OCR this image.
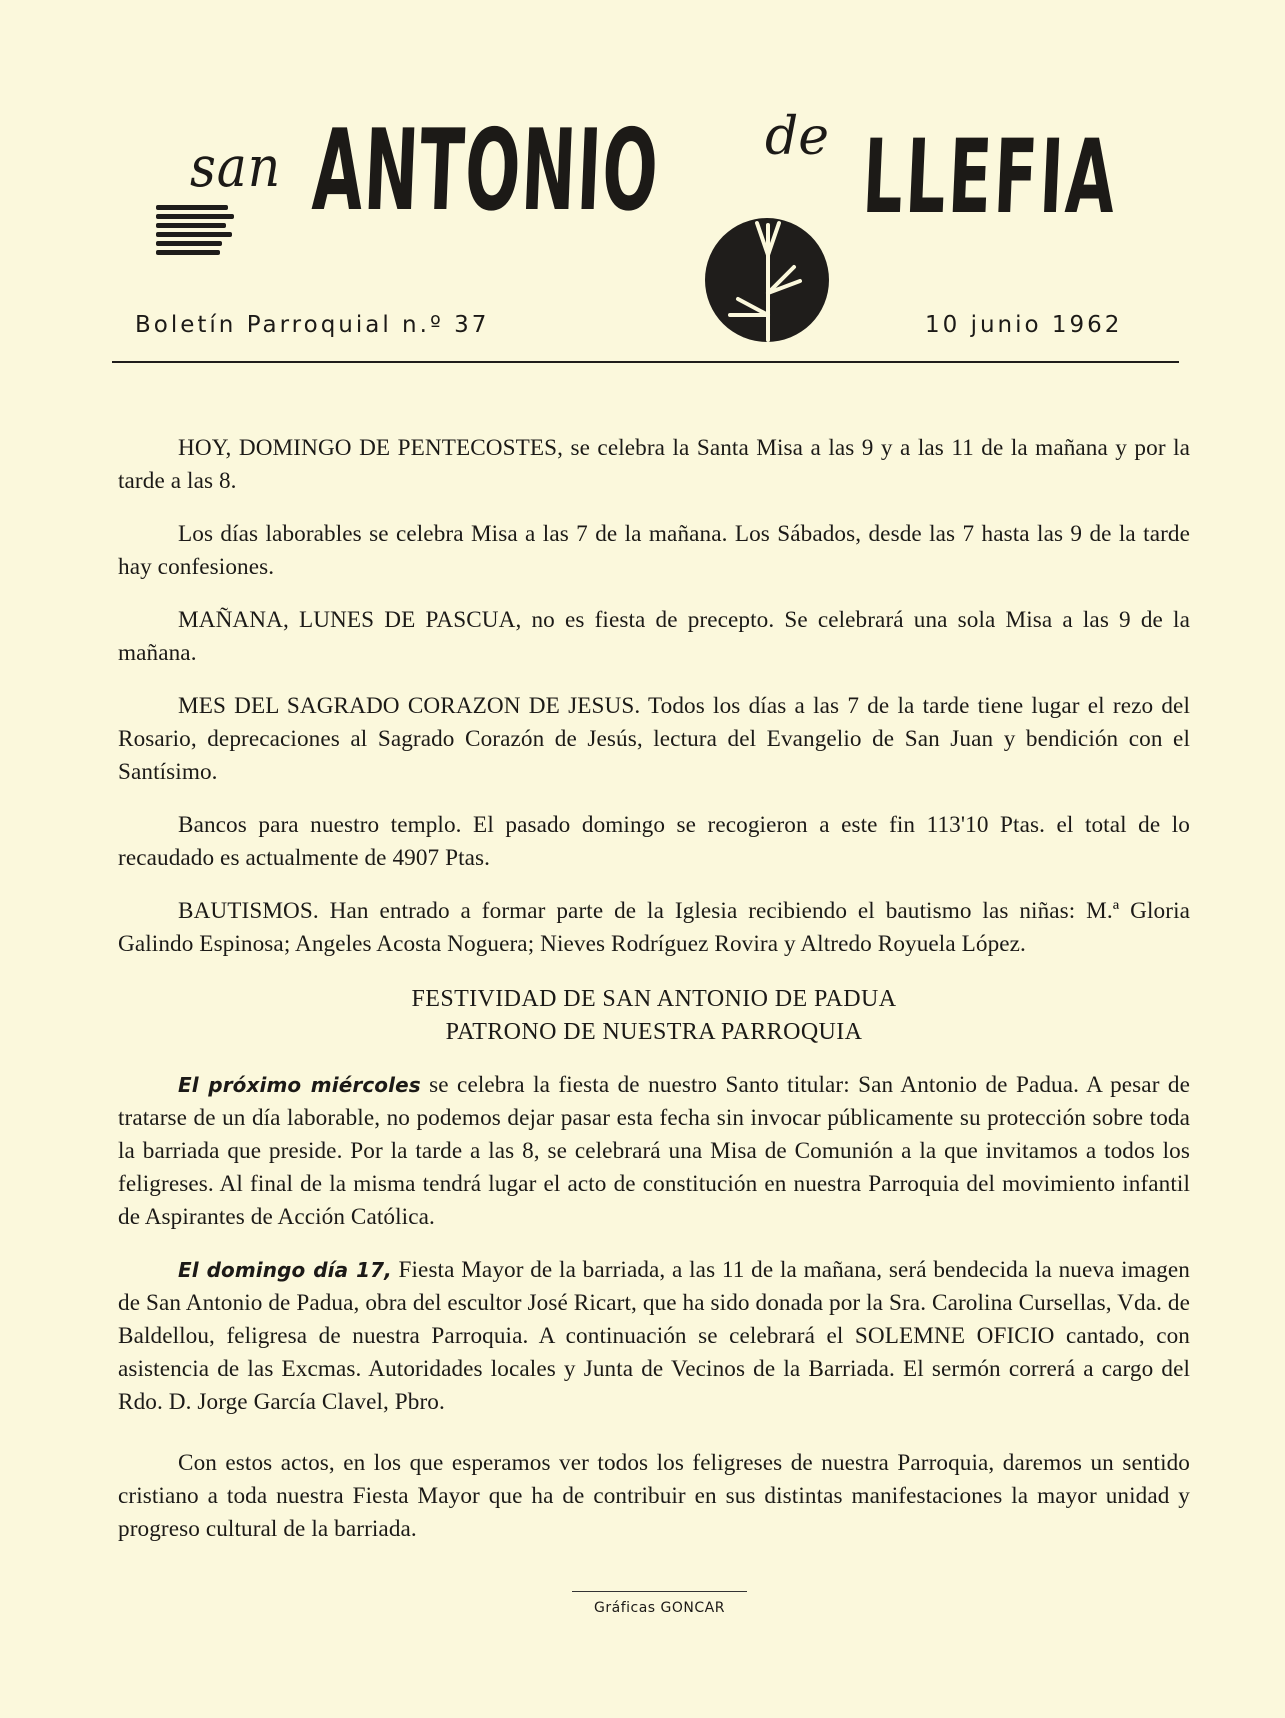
san ANTONIO de LLEFIA
Boletín Parroquial n.º 37	10 junio 1962

HOY, DOMINGO DE PENTECOSTES, se celebra la Santa Misa a las 9 y a las 11 de la mañana y por la tarde a las 8.

Los días laborables se celebra Misa a las 7 de la mañana. Los Sábados, desde las 7 hasta las 9 de la tarde hay confesiones.

MAÑANA, LUNES DE PASCUA, no es fiesta de precepto. Se celebrará una sola Misa a las 9 de la mañana.

MES DEL SAGRADO CORAZON DE JESUS. Todos los días a las 7 de la tarde tiene lugar el rezo del Rosario, deprecaciones al Sagrado Corazón de Jesús, lectura del Evangelio de San Juan y bendición con el Santísimo.

Bancos para nuestro templo. El pasado domingo se recogieron a este fin 113'10 Ptas. el total de lo recaudado es actualmente de 4907 Ptas.

BAUTISMOS. Han entrado a formar parte de la Iglesia recibiendo el bautismo las niñas: M.ª Gloria Galindo Espinosa; Angeles Acosta Noguera; Nieves Rodríguez Rovira y Altredo Royuela López.

FESTIVIDAD DE SAN ANTONIO DE PADUA
PATRONO DE NUESTRA PARROQUIA

El próximo miércoles se celebra la fiesta de nuestro Santo titular: San Antonio de Padua. A pesar de tratarse de un día laborable, no podemos dejar pasar esta fecha sin invocar públicamente su protección sobre toda la barriada que preside. Por la tarde a las 8, se celebrará una Misa de Comunión a la que invitamos a todos los feligreses. Al final de la misma tendrá lugar el acto de constitución en nuestra Parroquia del movimiento infantil de Aspirantes de Acción Católica.

El domingo día 17, Fiesta Mayor de la barriada, a las 11 de la mañana, será bendecida la nueva imagen de San Antonio de Padua, obra del escultor José Ricart, que ha sido donada por la Sra. Carolina Cursellas, Vda. de Baldellou, feligresa de nuestra Parroquia. A continuación se celebrará el SOLEMNE OFICIO cantado, con asistencia de las Excmas. Autoridades locales y Junta de Vecinos de la Barriada. El sermón correrá a cargo del Rdo. D. Jorge García Clavel, Pbro.

Con estos actos, en los que esperamos ver todos los feligreses de nuestra Parroquia, daremos un sentido cristiano a toda nuestra Fiesta Mayor que ha de contribuir en sus distintas manifestaciones la mayor unidad y progreso cultural de la barriada.

Gráficas GONCAR
